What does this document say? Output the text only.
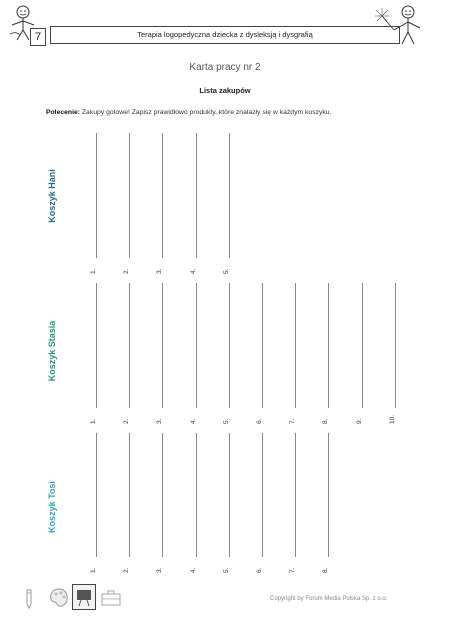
7	Terapia logopedyczna dziecka z dysleksją i dysgrafią
Karta pracy nr 2
Lista zakupów
Polecenie: Zakupy gotowe! Zapisz prawidłowo produkty, które znalazły się w każdym koszyku.
Koszyk Hani
1.	2.	3.	4.	5.
Koszyk Stasia
1.	2.	3.	4.	5.	6.	7.	8.	9.	10.
Koszyk Tosi
1.	2.	3.	4.	5.	6.	7.	8.
Copyright by Forum Media Polska Sp. z o.o.
